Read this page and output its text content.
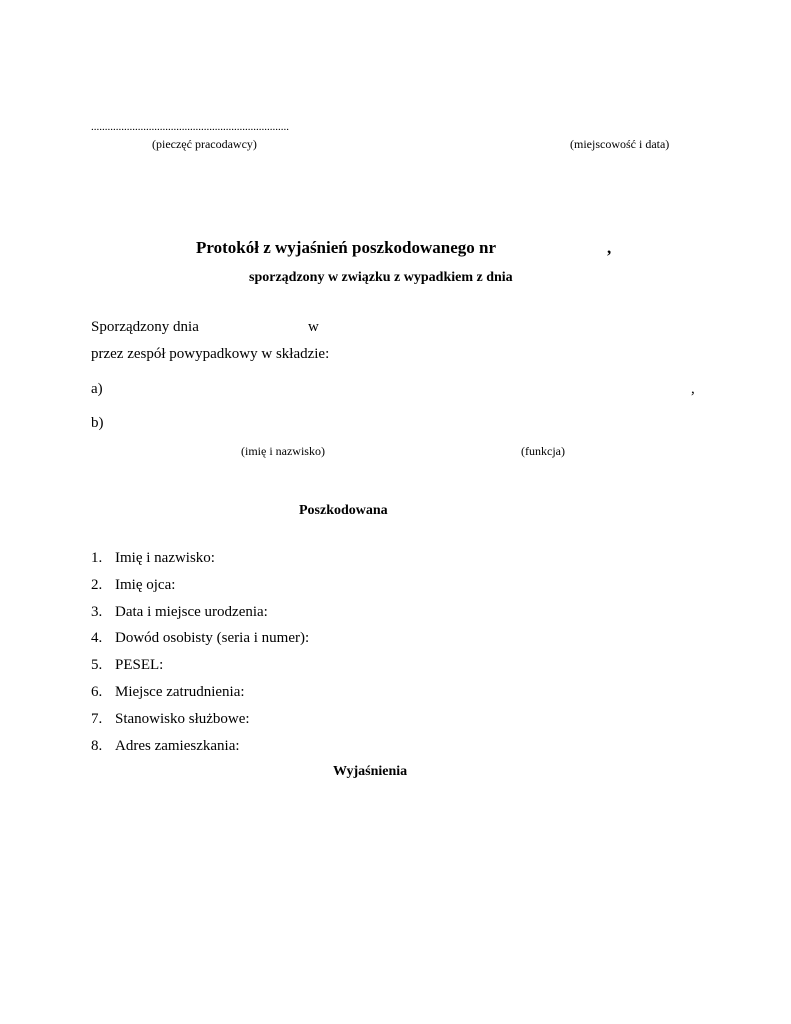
........................................................................
(pieczęć pracodawcy)	(miejscowość i data)
Protokół z wyjaśnień poszkodowanego nr	,
sporządzony w związku z wypadkiem z dnia
Sporządzony dnia	w
przez zespół powypadkowy w składzie:
a)	,
b)
(imię i nazwisko)	(funkcja)
Poszkodowana
1. Imię i nazwisko:
2. Imię ojca:
3. Data i miejsce urodzenia:
4. Dowód osobisty (seria i numer):
5. PESEL:
6. Miejsce zatrudnienia:
7. Stanowisko służbowe:
8. Adres zamieszkania:
Wyjaśnienia
